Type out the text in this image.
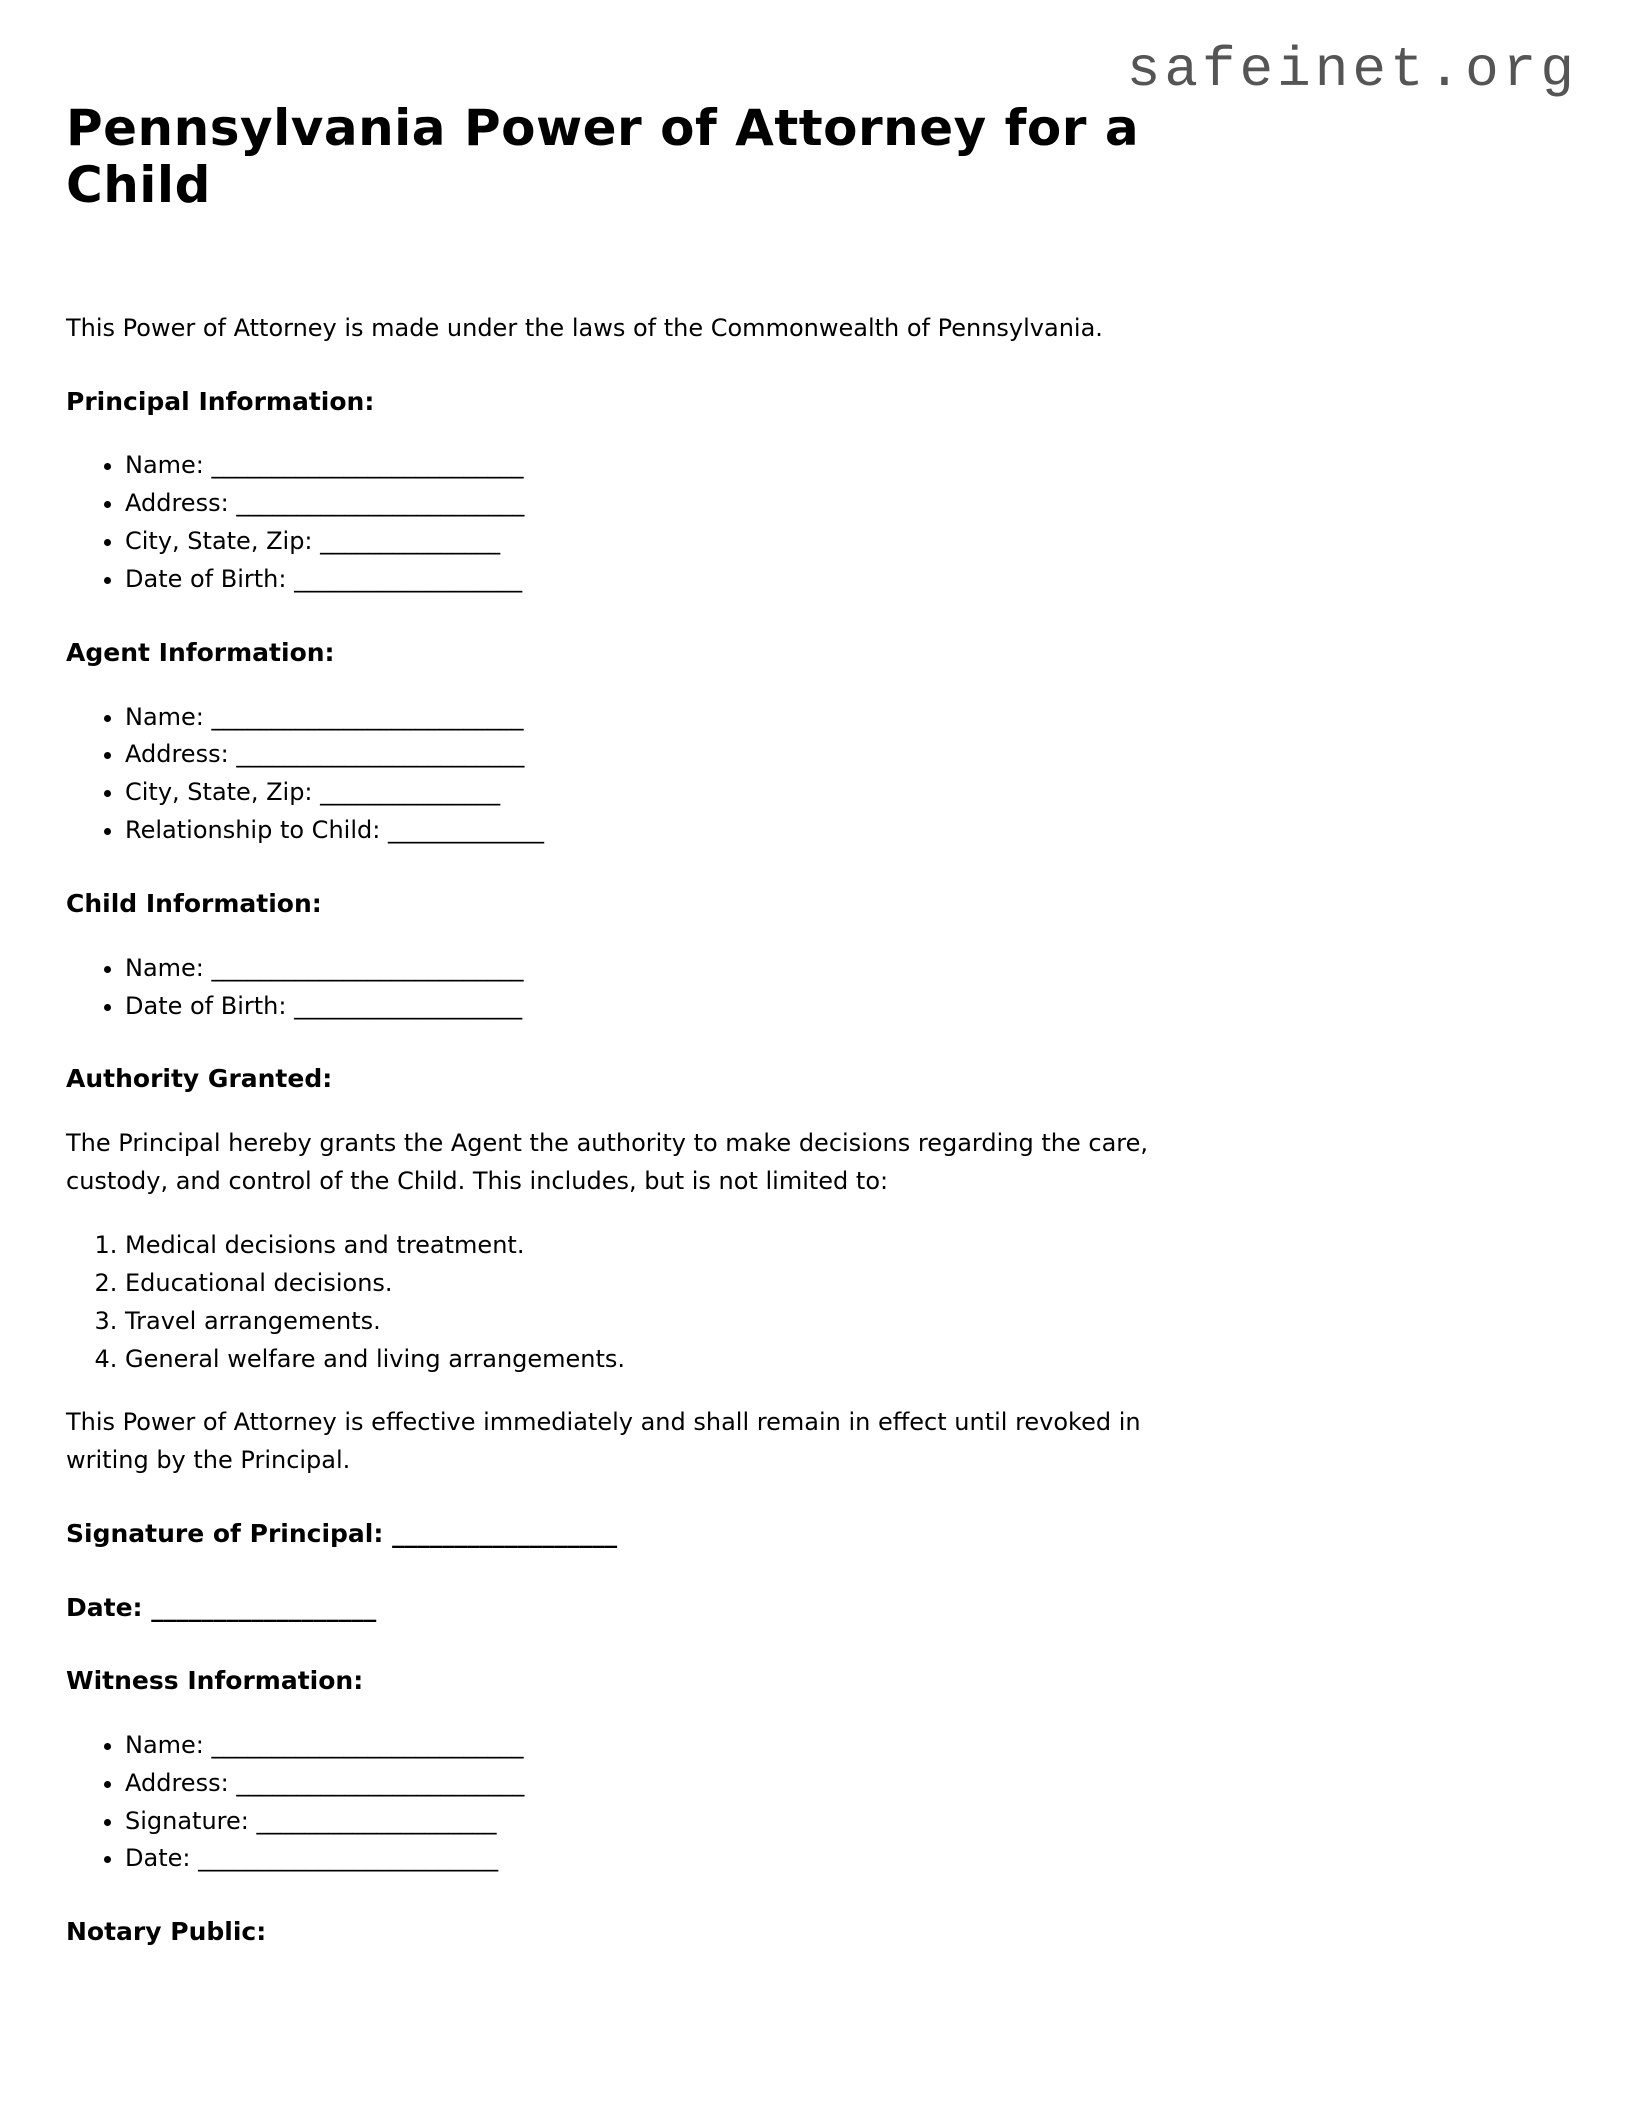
safeinet.org
Pennsylvania Power of Attorney for a Child

This Power of Attorney is made under the laws of the Commonwealth of Pennsylvania.

Principal Information:

• Name: __________________________
• Address: ________________________
• City, State, Zip: _______________
• Date of Birth: ___________________

Agent Information:

• Name: __________________________
• Address: ________________________
• City, State, Zip: _______________
• Relationship to Child: _____________

Child Information:

• Name: __________________________
• Date of Birth: ___________________

Authority Granted:

The Principal hereby grants the Agent the authority to make decisions regarding the care, custody, and control of the Child. This includes, but is not limited to:

1. Medical decisions and treatment.
2. Educational decisions.
3. Travel arrangements.
4. General welfare and living arrangements.

This Power of Attorney is effective immediately and shall remain in effect until revoked in writing by the Principal.

Signature of Principal: __________________

Date: __________________

Witness Information:

• Name: __________________________
• Address: ________________________
• Signature: ____________________
• Date: _________________________

Notary Public:
